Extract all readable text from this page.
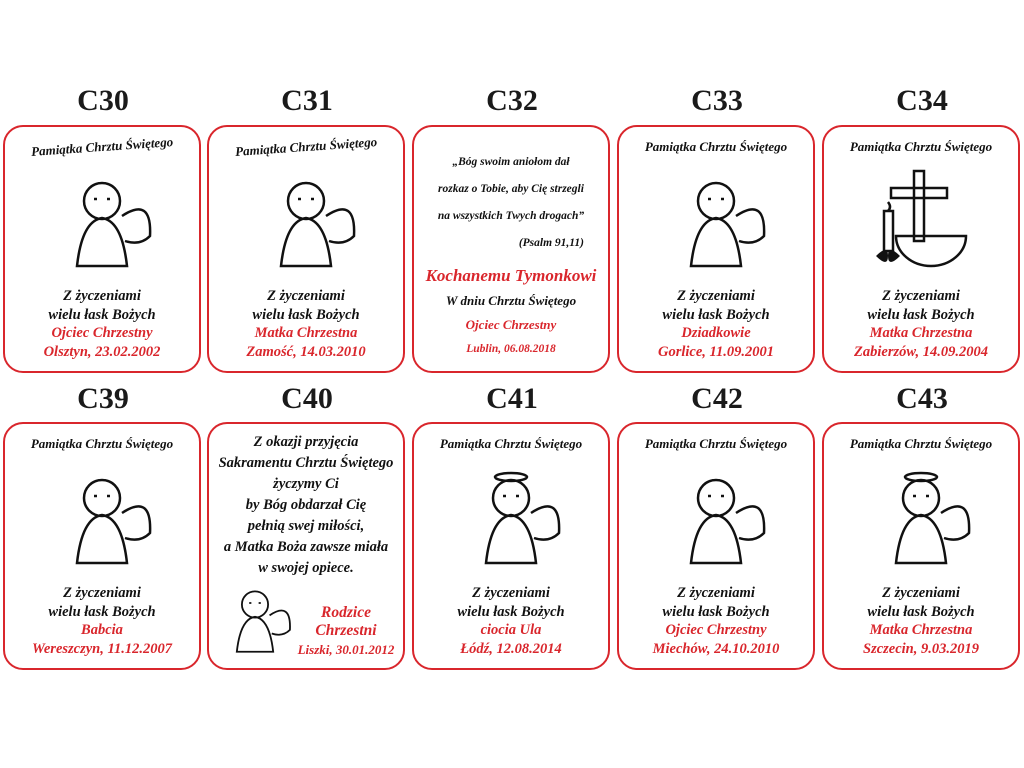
C30
Pamiątka Chrztu Świętego
Z życzeniami
wielu łask Bożych
Ojciec Chrzestny
Olsztyn, 23.02.2002
C31
Pamiątka Chrztu Świętego
Z życzeniami
wielu łask Bożych
Matka Chrzestna
Zamość, 14.03.2010
C32
„Bóg swoim aniołom dał
rozkaz o Tobie, aby Cię strzegli
na wszystkich Twych drogach”
(Psalm 91,11)
Kochanemu Tymonkowi
W dniu Chrztu Świętego
Ojciec Chrzestny
Lublin, 06.08.2018
C33
Pamiątka Chrztu Świętego
Z życzeniami
wielu łask Bożych
Dziadkowie
Gorlice, 11.09.2001
C34
Pamiątka Chrztu Świętego
Z życzeniami
wielu łask Bożych
Matka Chrzestna
Zabierzów, 14.09.2004
C39
Pamiątka Chrztu Świętego
Z życzeniami
wielu łask Bożych
Babcia
Wereszczyn, 11.12.2007
C40
Z okazji przyjęcia
Sakramentu Chrztu Świętego
życzymy Ci
by Bóg obdarzał Cię
pełnią swej miłości,
a Matka Boża zawsze miała
w swojej opiece.
Rodzice
Chrzestni
Liszki, 30.01.2012
C41
Pamiątka Chrztu Świętego
Z życzeniami
wielu łask Bożych
ciocia Ula
Łódź, 12.08.2014
C42
Pamiątka Chrztu Świętego
Z życzeniami
wielu łask Bożych
Ojciec Chrzestny
Miechów, 24.10.2010
C43
Pamiątka Chrztu Świętego
Z życzeniami
wielu łask Bożych
Matka Chrzestna
Szczecin, 9.03.2019
